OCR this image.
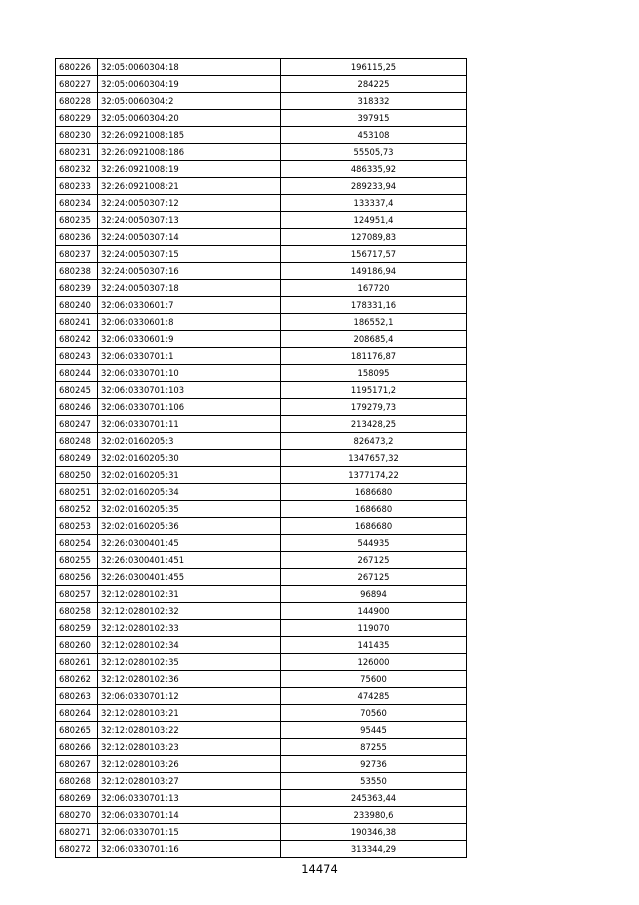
680226	32:05:0060304:18	196115,25
680227	32:05:0060304:19	284225
680228	32:05:0060304:2	318332
680229	32:05:0060304:20	397915
680230	32:26:0921008:185	453108
680231	32:26:0921008:186	55505,73
680232	32:26:0921008:19	486335,92
680233	32:26:0921008:21	289233,94
680234	32:24:0050307:12	133337,4
680235	32:24:0050307:13	124951,4
680236	32:24:0050307:14	127089,83
680237	32:24:0050307:15	156717,57
680238	32:24:0050307:16	149186,94
680239	32:24:0050307:18	167720
680240	32:06:0330601:7	178331,16
680241	32:06:0330601:8	186552,1
680242	32:06:0330601:9	208685,4
680243	32:06:0330701:1	181176,87
680244	32:06:0330701:10	158095
680245	32:06:0330701:103	1195171,2
680246	32:06:0330701:106	179279,73
680247	32:06:0330701:11	213428,25
680248	32:02:0160205:3	826473,2
680249	32:02:0160205:30	1347657,32
680250	32:02:0160205:31	1377174,22
680251	32:02:0160205:34	1686680
680252	32:02:0160205:35	1686680
680253	32:02:0160205:36	1686680
680254	32:26:0300401:45	544935
680255	32:26:0300401:451	267125
680256	32:26:0300401:455	267125
680257	32:12:0280102:31	96894
680258	32:12:0280102:32	144900
680259	32:12:0280102:33	119070
680260	32:12:0280102:34	141435
680261	32:12:0280102:35	126000
680262	32:12:0280102:36	75600
680263	32:06:0330701:12	474285
680264	32:12:0280103:21	70560
680265	32:12:0280103:22	95445
680266	32:12:0280103:23	87255
680267	32:12:0280103:26	92736
680268	32:12:0280103:27	53550
680269	32:06:0330701:13	245363,44
680270	32:06:0330701:14	233980,6
680271	32:06:0330701:15	190346,38
680272	32:06:0330701:16	313344,29
14474
